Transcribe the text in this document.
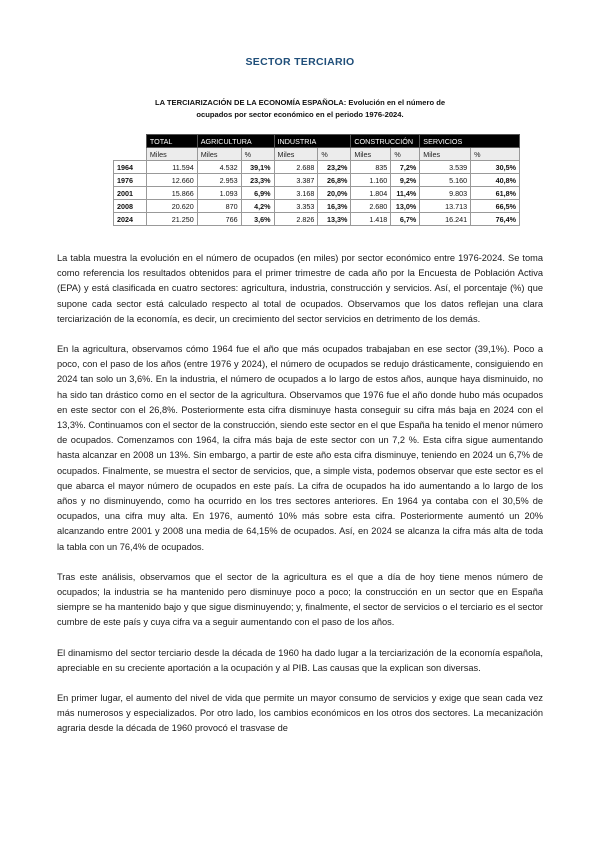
SECTOR TERCIARIO
LA TERCIARIZACIÓN DE LA ECONOMÍA ESPAÑOLA: Evolución en el número de
ocupados por sector económico en el periodo 1976-2024.
	TOTAL	AGRICULTURA		INDUSTRIA		CONSTRUCCIÓN		SERVICIOS	
	Miles	Miles	%	Miles	%	Miles	%	Miles	%
1964	11.594	4.532	39,1%	2.688	23,2%	835	7,2%	3.539	30,5%
1976	12.660	2.953	23,3%	3.387	26,8%	1.160	9,2%	5.160	40,8%
2001	15.866	1.093	6,9%	3.168	20,0%	1.804	11,4%	9.803	61,8%
2008	20.620	870	4,2%	3.353	16,3%	2.680	13,0%	13.713	66,5%
2024	21.250	766	3,6%	2.826	13,3%	1.418	6,7%	16.241	76,4%

La tabla muestra la evolución en el número de ocupados (en miles) por sector económico entre 1976-2024. Se toma como referencia los resultados obtenidos para el primer trimestre de cada año por la Encuesta de Población Activa (EPA) y está clasificada en cuatro sectores: agricultura, industria, construcción y servicios. Así, el porcentaje (%) que supone cada sector está calculado respecto al total de ocupados. Observamos que los datos reflejan una clara terciarización de la economía, es decir, un crecimiento del sector servicios en detrimento de los demás.

En la agricultura, observamos cómo 1964 fue el año que más ocupados trabajaban en ese sector (39,1%). Poco a poco, con el paso de los años (entre 1976 y 2024), el número de ocupados se redujo drásticamente, consiguiendo en 2024 tan solo un 3,6%. En la industria, el número de ocupados a lo largo de estos años, aunque haya disminuido, no ha sido tan drástico como en el sector de la agricultura. Observamos que 1976 fue el año donde hubo más ocupados en este sector con el 26,8%. Posteriormente esta cifra disminuye hasta conseguir su cifra más baja en 2024 con el 13,3%. Continuamos con el sector de la construcción, siendo este sector en el que España ha tenido el menor número de ocupados. Comenzamos con 1964, la cifra más baja de este sector con un 7,2 %. Esta cifra sigue aumentando hasta alcanzar en 2008 un 13%. Sin embargo, a partir de este año esta cifra disminuye, teniendo en 2024 un 6,7% de ocupados. Finalmente, se muestra el sector de servicios, que, a simple vista, podemos observar que este sector es el que abarca el mayor número de ocupados en este país. La cifra de ocupados ha ido aumentando a lo largo de los años y no disminuyendo, como ha ocurrido en los tres sectores anteriores. En 1964 ya contaba con el 30,5% de ocupados, una cifra muy alta. En 1976, aumentó 10% más sobre esta cifra. Posteriormente aumentó un 20% alcanzando entre 2001 y 2008 una media de 64,15% de ocupados. Así, en 2024 se alcanza la cifra más alta de toda la tabla con un 76,4% de ocupados.

Tras este análisis, observamos que el sector de la agricultura es el que a día de hoy tiene menos número de ocupados; la industria se ha mantenido pero disminuye poco a poco; la construcción en un sector que en España siempre se ha mantenido bajo y que sigue disminuyendo; y, finalmente, el sector de servicios o el terciario es el sector cumbre de este país y cuya cifra va a seguir aumentando con el paso de los años.

El dinamismo del sector terciario desde la década de 1960 ha dado lugar a la terciarización de la economía española, apreciable en su creciente aportación a la ocupación y al PIB. Las causas que la explican son diversas.

En primer lugar, el aumento del nivel de vida que permite un mayor consumo de servicios y exige que sean cada vez más numerosos y especializados. Por otro lado, los cambios económicos en los otros dos sectores. La mecanización agraria desde la década de 1960 provocó el trasvase de
